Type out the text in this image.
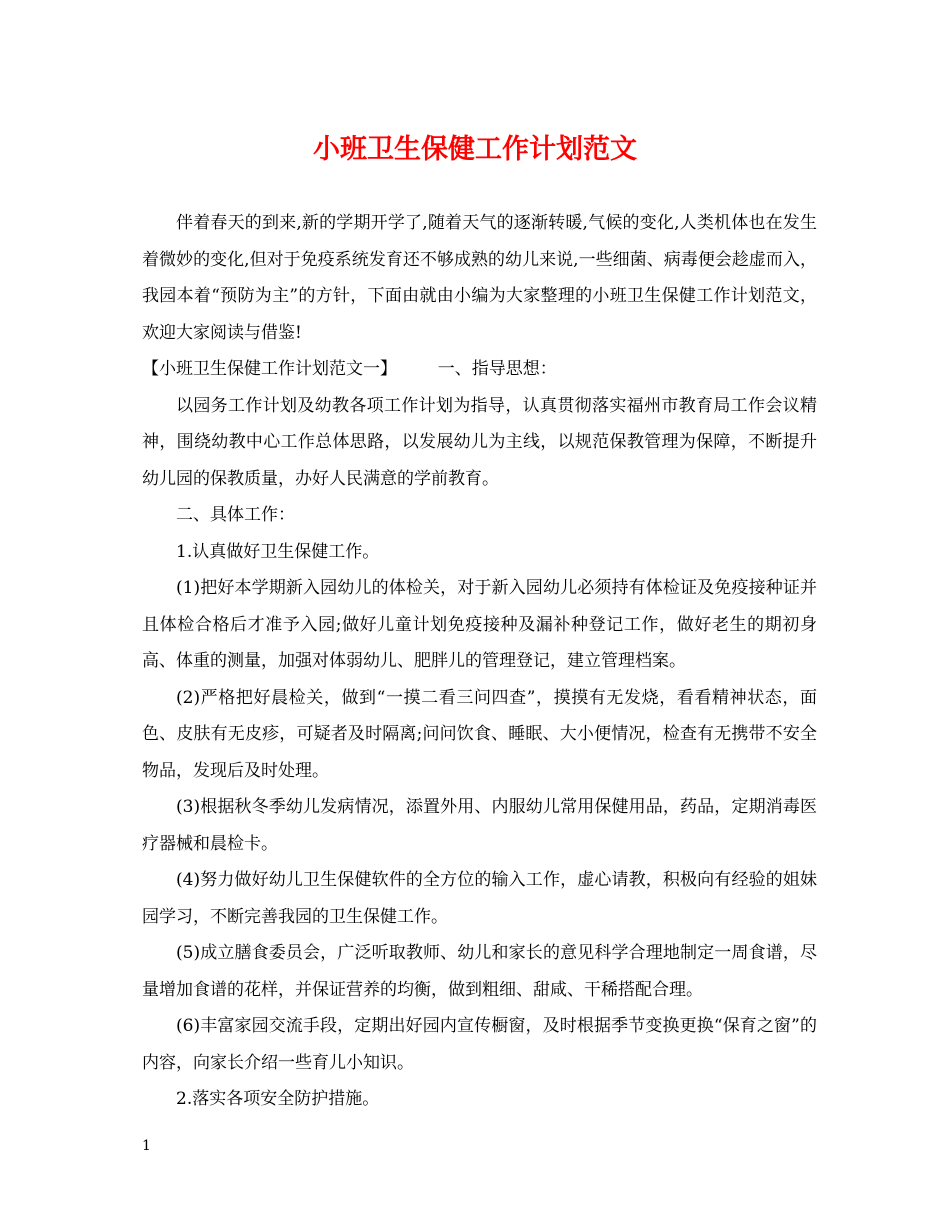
小班卫生保健工作计划范文

伴着春天的到来,新的学期开学了,随着天气的逐渐转暖,气候的变化,人类机体也在发生着微妙的变化,但对于免疫系统发育还不够成熟的幼儿来说,一些细菌、病毒便会趁虚而入，我园本着“预防为主”的方针，下面由就由小编为大家整理的小班卫生保健工作计划范文，欢迎大家阅读与借鉴!

【小班卫生保健工作计划范文一】 一、指导思想：

以园务工作计划及幼教各项工作计划为指导，认真贯彻落实福州市教育局工作会议精神，围绕幼教中心工作总体思路，以发展幼儿为主线，以规范保教管理为保障，不断提升幼儿园的保教质量，办好人民满意的学前教育。

二、具体工作：

1.认真做好卫生保健工作。

(1)把好本学期新入园幼儿的体检关，对于新入园幼儿必须持有体检证及免疫接种证并且体检合格后才准予入园;做好儿童计划免疫接种及漏补种登记工作，做好老生的期初身高、体重的测量，加强对体弱幼儿、肥胖儿的管理登记，建立管理档案。

(2)严格把好晨检关，做到“一摸二看三问四查”，摸摸有无发烧，看看精神状态，面色、皮肤有无皮疹，可疑者及时隔离;问问饮食、睡眠、大小便情况，检查有无携带不安全物品，发现后及时处理。

(3)根据秋冬季幼儿发病情况，添置外用、内服幼儿常用保健用品，药品，定期消毒医疗器械和晨检卡。

(4)努力做好幼儿卫生保健软件的全方位的输入工作，虚心请教，积极向有经验的姐妹园学习，不断完善我园的卫生保健工作。

(5)成立膳食委员会，广泛听取教师、幼儿和家长的意见科学合理地制定一周食谱，尽量增加食谱的花样，并保证营养的均衡，做到粗细、甜咸、干稀搭配合理。

(6)丰富家园交流手段，定期出好园内宣传橱窗，及时根据季节变换更换“保育之窗”的内容，向家长介绍一些育儿小知识。

2.落实各项安全防护措施。

1
